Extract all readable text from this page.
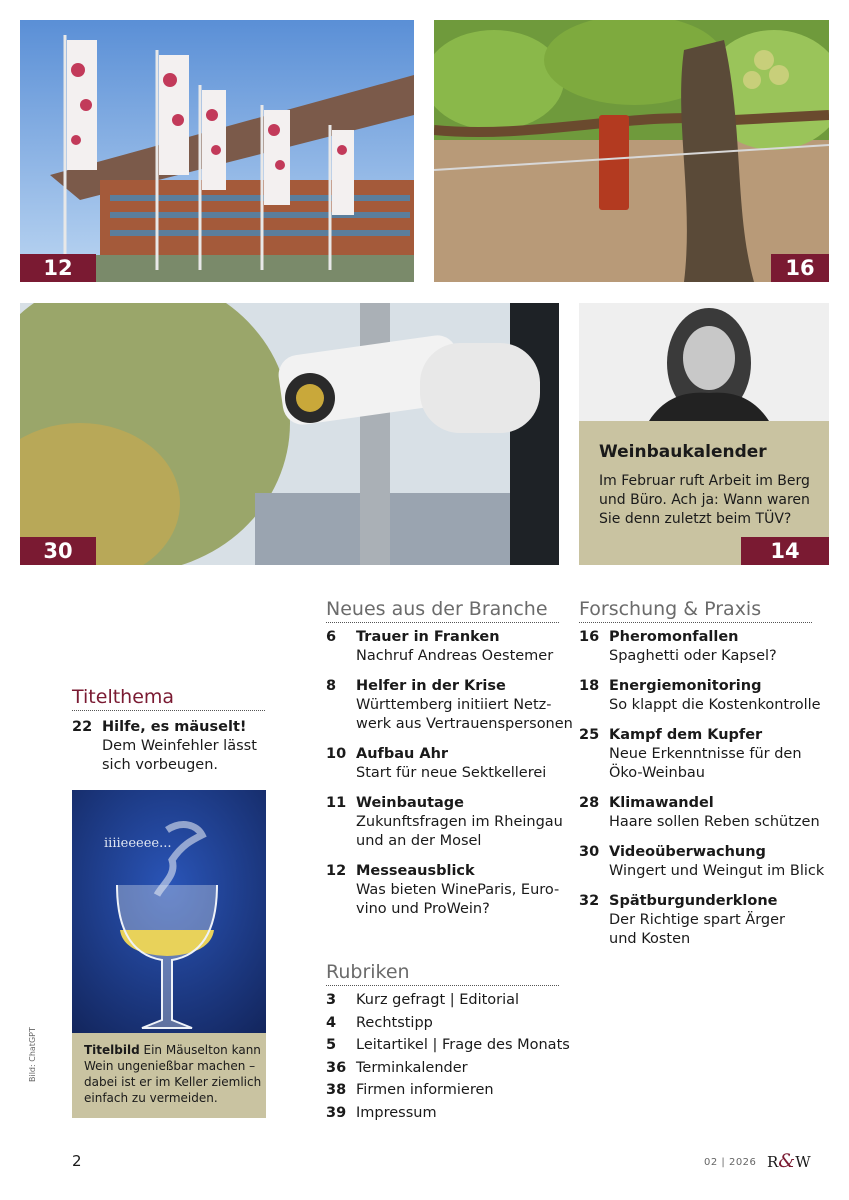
12	16
30
Weinbaukalender
Im Februar ruft Arbeit im Berg
und Büro. Ach ja: Wann waren
Sie denn zuletzt beim TÜV?
14
Titelthema
22 Hilfe, es mäuselt!
Dem Weinfehler lässt
sich vorbeugen.
iiiieeeee...
Titelbild Ein Mäuselton kann
Wein ungenießbar machen –
dabei ist er im Keller ziemlich
einfach zu vermeiden.
Bild: ChatGPT
Neues aus der Branche
6 Trauer in Franken
Nachruf Andreas Oestemer
8 Helfer in der Krise
Württemberg initiiert Netz-
werk aus Vertrauenspersonen
10 Aufbau Ahr
Start für neue Sektkellerei
11 Weinbautage
Zukunftsfragen im Rheingau
und an der Mosel
12 Messeausblick
Was bieten WineParis, Euro-
vino und ProWein?
Rubriken
3 Kurz gefragt | Editorial
4 Rechtstipp
5 Leitartikel | Frage des Monats
36 Terminkalender
38 Firmen informieren
39 Impressum
Forschung & Praxis
16 Pheromonfallen
Spaghetti oder Kapsel?
18 Energiemonitoring
So klappt die Kostenkontrolle
25 Kampf dem Kupfer
Neue Erkenntnisse für den
Öko-Weinbau
28 Klimawandel
Haare sollen Reben schützen
30 Videoüberwachung
Wingert und Weingut im Blick
32 Spätburgunderklone
Der Richtige spart Ärger
und Kosten
2	02 | 2026 R&W
